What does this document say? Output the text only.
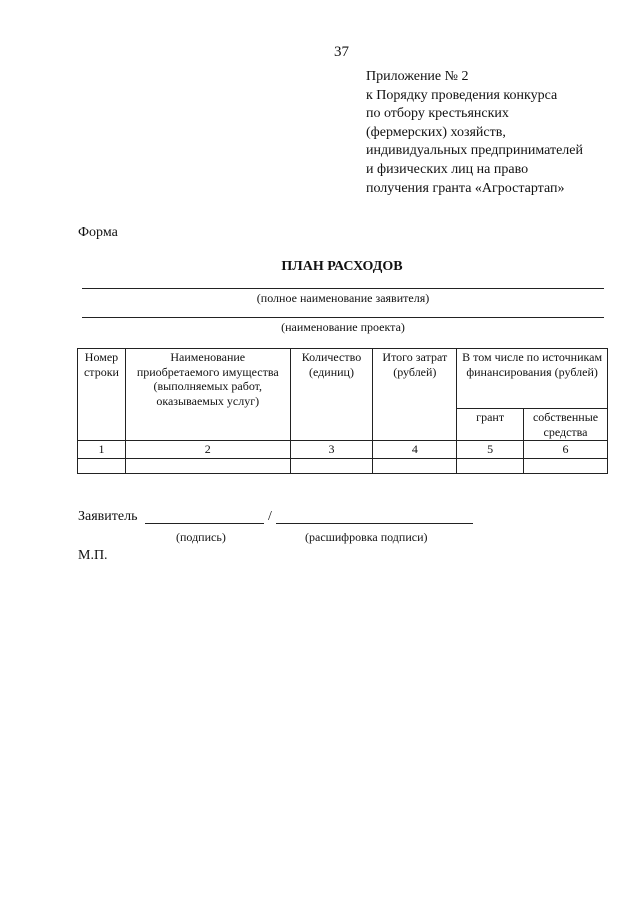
37
Приложение № 2
к Порядку проведения конкурса
по отбору крестьянских
(фермерских) хозяйств,
индивидуальных предпринимателей
и физических лиц на право
получения гранта «Агростартап»
Форма
ПЛАН РАСХОДОВ
(полное наименование заявителя)
(наименование проекта)
Номер строки	Наименование приобретаемого имущества (выполняемых работ, оказываемых услуг)	Количество (единиц)	Итого затрат (рублей)	В том числе по источникам финансирования (рублей)	
				грант	собственные средства
1	2	3	4	5	6

Заявитель	/
(подпись)	(расшифровка подписи)
М.П.
